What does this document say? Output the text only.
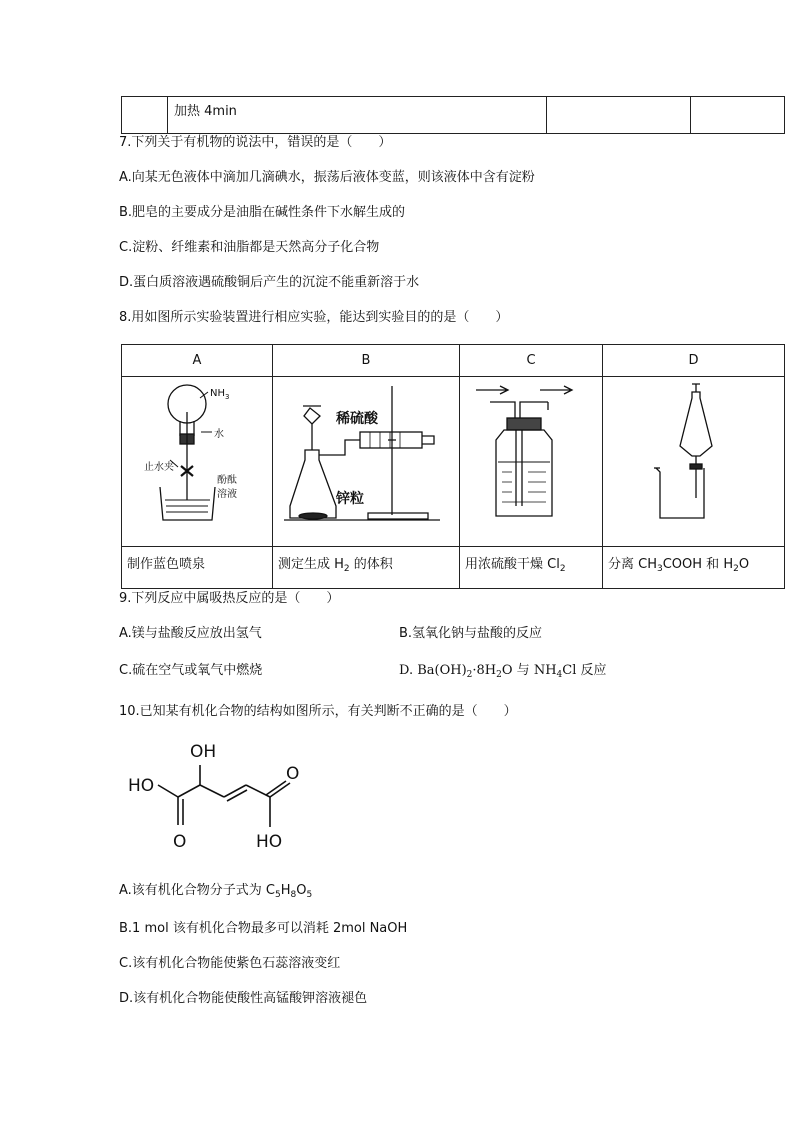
	加热 4min		
7.下列关于有机物的说法中，错误的是（　　）
A.向某无色液体中滴加几滴碘水，振荡后液体变蓝，则该液体中含有淀粉
B.肥皂的主要成分是油脂在碱性条件下水解生成的
C.淀粉、纤维素和油脂都是天然高分子化合物
D.蛋白质溶液遇硫酸铜后产生的沉淀不能重新溶于水
8.用如图所示实验装置进行相应实验，能达到实验目的的是（　　）
A	B	C	D

制作蓝色喷泉	测定生成 $H_2$ 的体积	用浓硫酸干燥 $Cl_2$	分离 $CH_3COOH$ 和 $H_2O$
$NH_3$
水
止水夹
酚酞
溶液
稀硫酸
锌粒
9.下列反应中属吸热反应的是（　　）
A.镁与盐酸反应放出氢气	B.氢氧化钠与盐酸的反应
C.硫在空气或氧气中燃烧	D. $Ba(OH)_2\cdot 8H_2O$ 与 $NH_4Cl$ 反应
10.已知某有机化合物的结构如图所示，有关判断不正确的是（　　）
OH
HO
O
O	HO
A.该有机化合物分子式为 $C_5H_8O_5$
B.1 mol 该有机化合物最多可以消耗 2mol NaOH
C.该有机化合物能使紫色石蕊溶液变红
D.该有机化合物能使酸性高锰酸钾溶液褪色
